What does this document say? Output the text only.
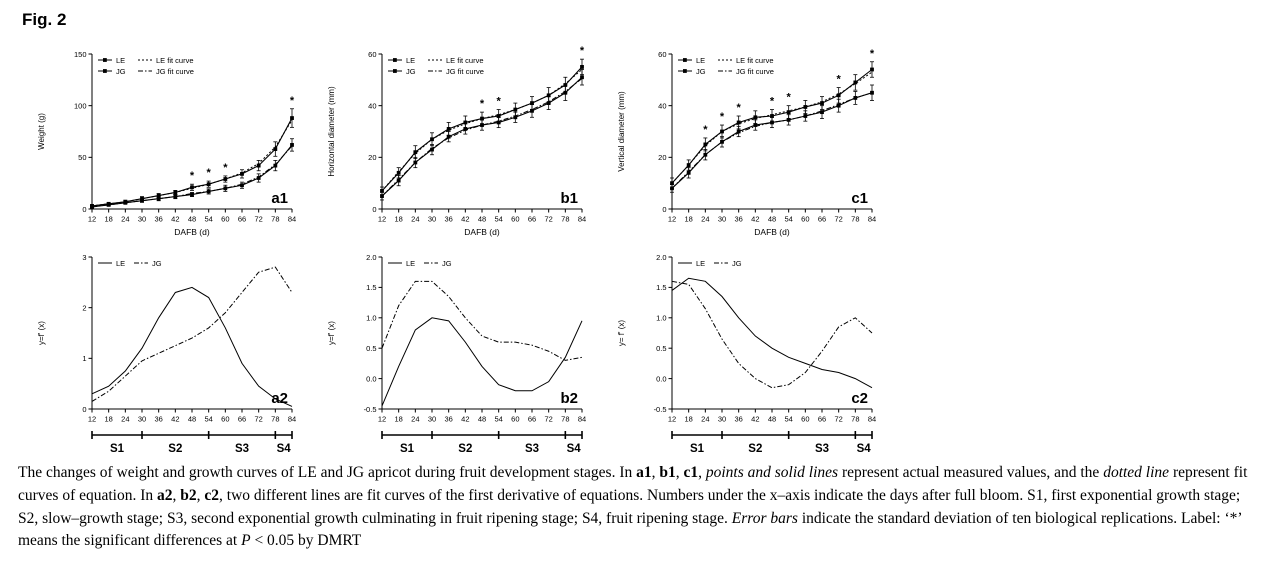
Fig. 2
0
50
100
150
12 18 24 30 36 42 48 54 60 66 72 78 84
Weight (g)
DAFB (d)
* * *
*
LE	LE fit curve
JG	JG fit curve
a1
0
20
40
60
12 18 24 30 36 42 48 54 60 66 72 78 84
Horizontal diameter (mm)
DAFB (d)
* *
*
LE	LE fit curve
JG	JG fit curve
b1
0
20
40
60
12 18 24 30 36 42 48 54 60 66 72 78 84
Vertical diameter (mm)
DAFB (d)
*
*
*
* *
*
*
LE	LE fit curve
JG	JG fit curve
c1
0
1
2
3
12 18 24 30 36 42 48 54 60 66 72 78 84
y=f' (x)
LE	JG
a2
S1	S2	S3 S4
-0.5
0.0
0.5
1.0
1.5
2.0
12 18 24 30 36 42 48 54 60 66 72 78 84
y=f' (x)
LE	JG
b2
S1	S2	S3 S4
-0.5
0.0
0.5
1.0
1.5
2.0
12 18 24 30 36 42 48 54 60 66 72 78 84
y= f' (x)
LE	JG
c2
S1	S2	S3 S4
The changes of weight and growth curves of LE and JG apricot during fruit development stages. In a1, b1, c1, points and solid lines represent actual measured values, and the dotted line represent fit curves of equation. In a2, b2, c2, two different lines are fit curves of the first derivative of equations. Numbers under the x–axis indicate the days after full bloom. S1, first exponential growth stage; S2, slow–growth stage; S3, second exponential growth culminating in fruit ripening stage; S4, fruit ripening stage. Error bars indicate the standard deviation of ten biological replications. Label: ‘*’ means the significant differences at P < 0.05 by DMRT
